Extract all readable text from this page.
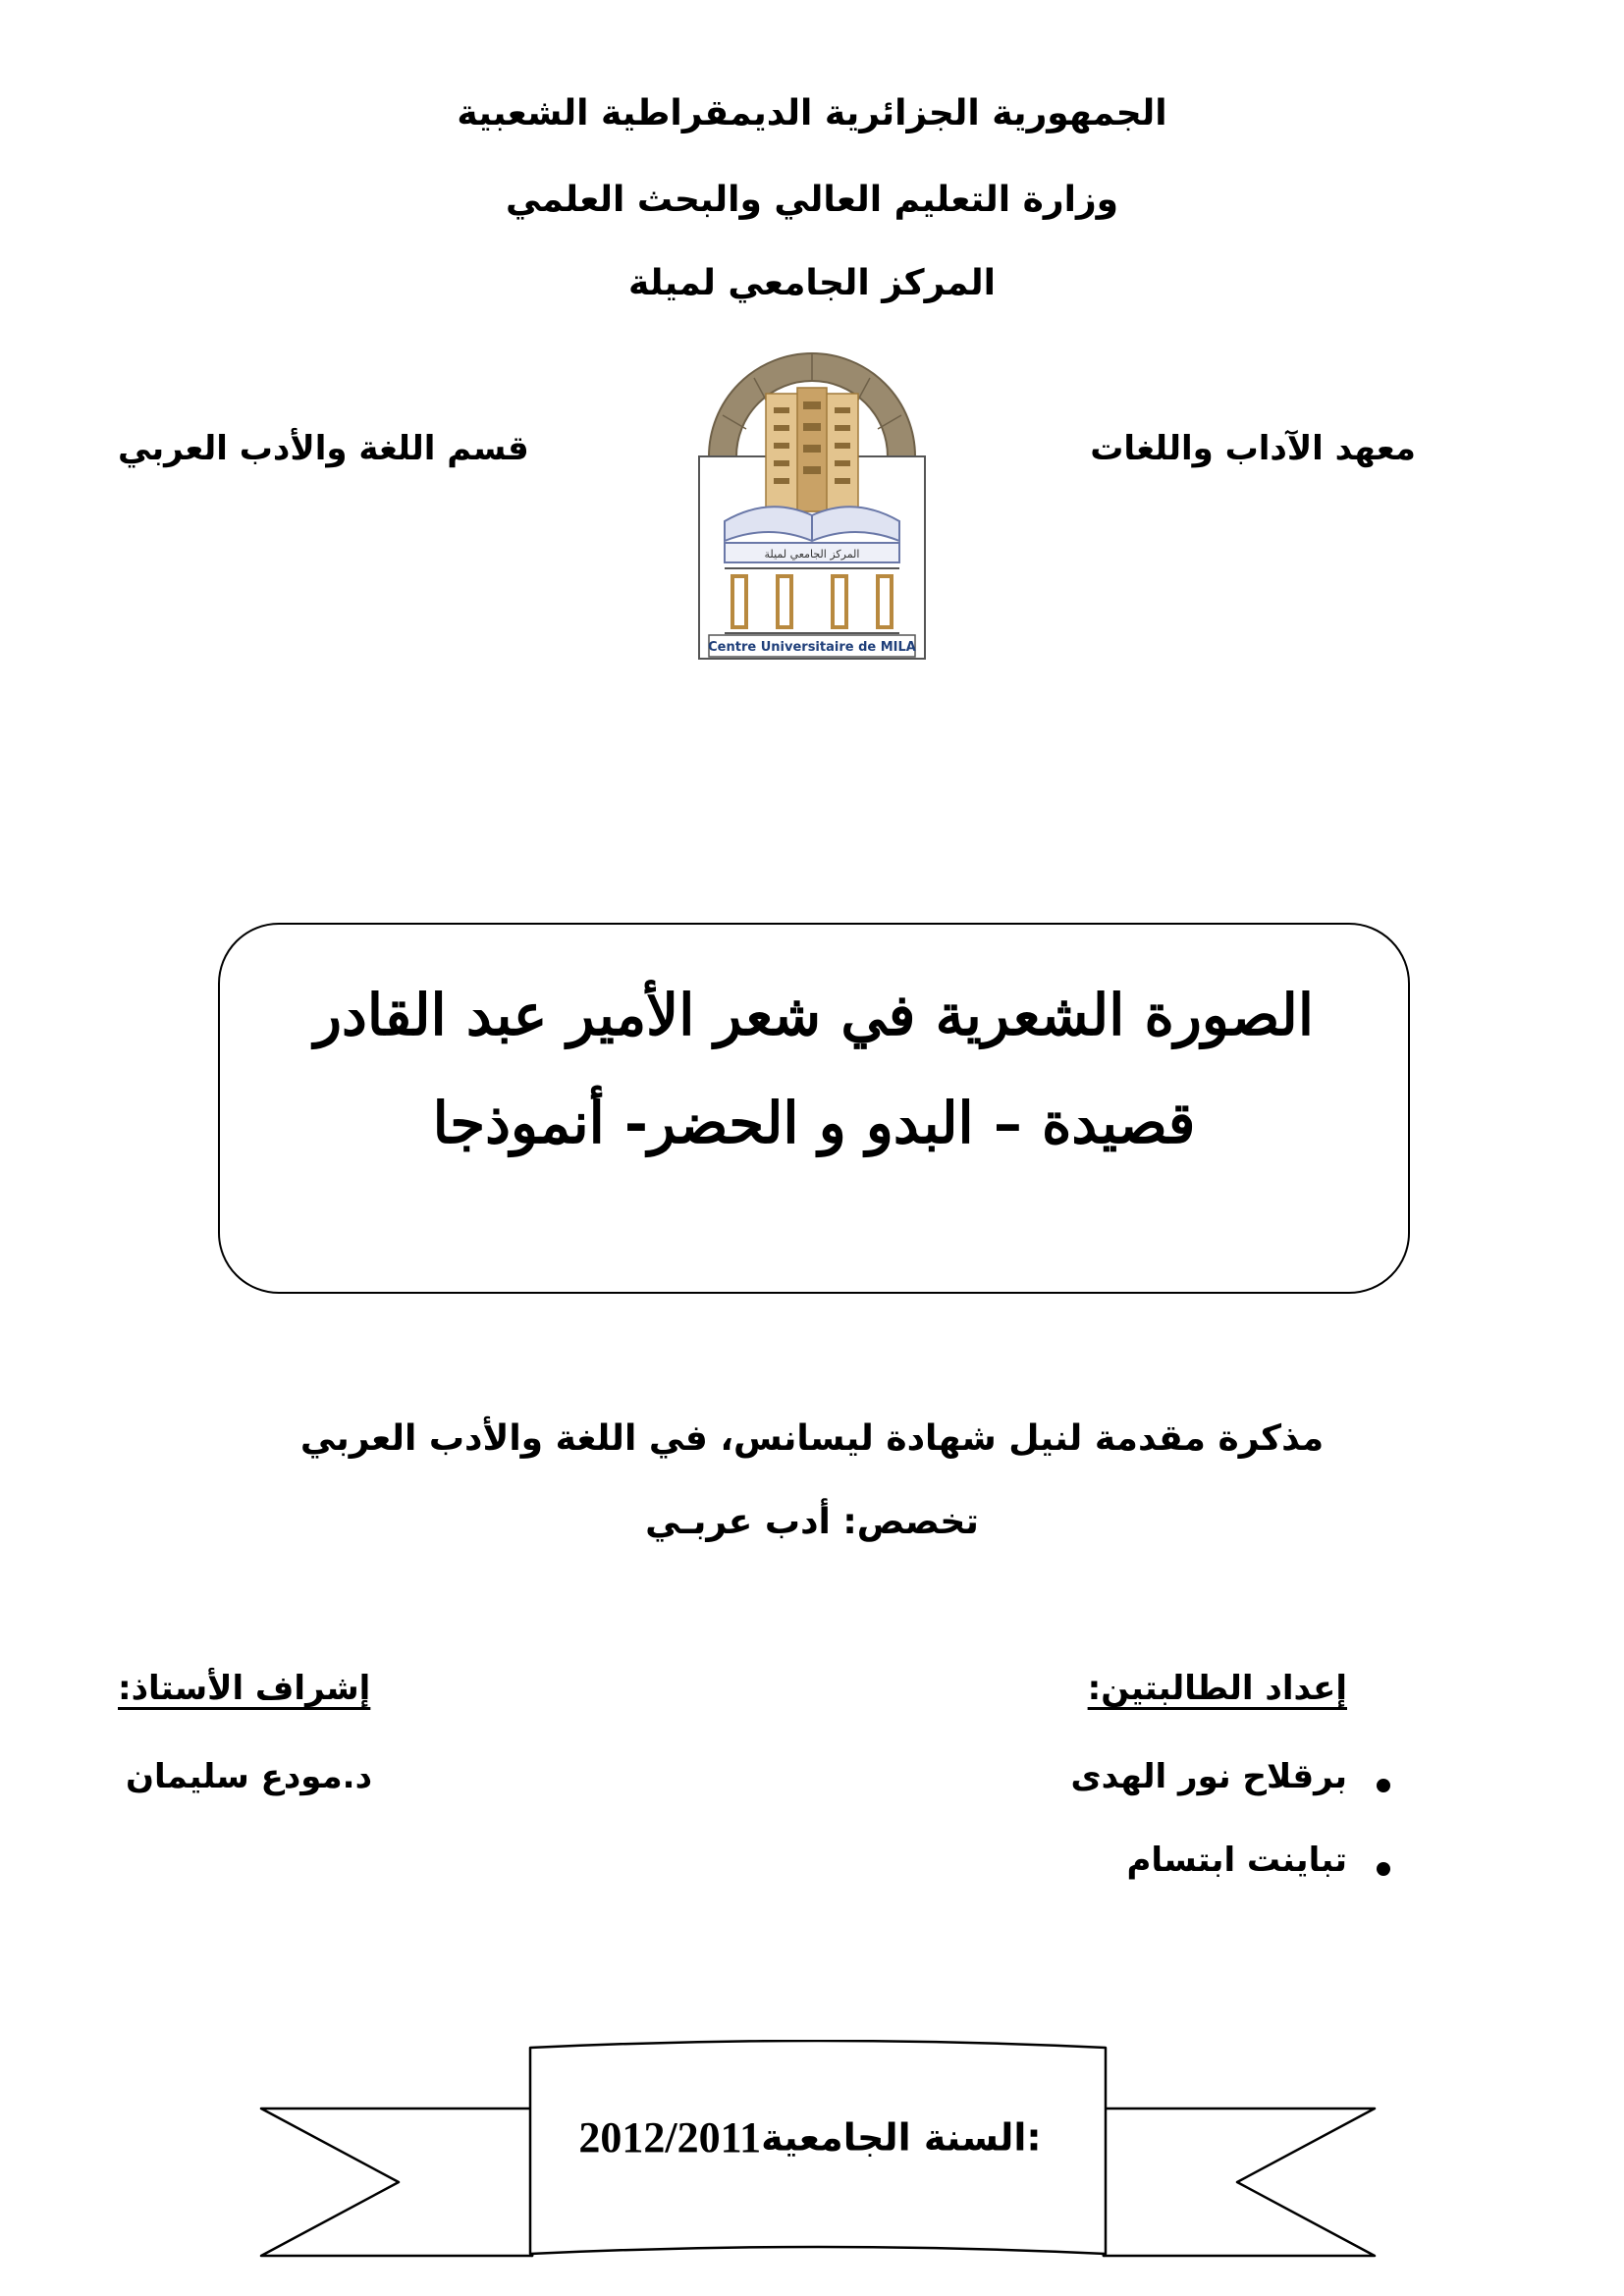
الجمهورية الجزائرية الديمقراطية الشعبية
وزارة التعليم العالي والبحث العلمي
المركز الجامعي لميلة
معهد الآداب واللغات
قسم اللغة والأدب العربي
المركز الجامعي لميلة
Centre Universitaire de MILA
الصورة الشعرية في شعر الأمير عبد القادر
قصيدة – البدو و الحضر- أنموذجا
مذكرة مقدمة لنيل شهادة ليسانس، في اللغة والأدب العربي
تخصص: أدب عربـي
إعداد الطالبتين:
برقلاح نور الهدى
تباينت ابتسام
إشراف الأستاذ:
د.مودع سليمان
2012/2011السنة الجامعية:
